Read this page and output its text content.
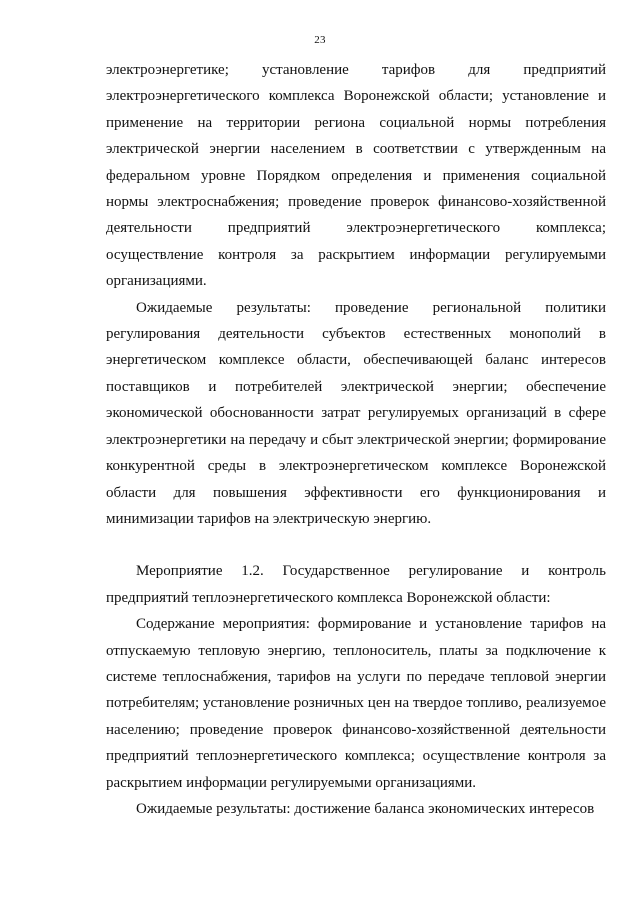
23

электроэнергетике; установление тарифов для предприятий электроэнергетического комплекса Воронежской области; установление и применение на территории региона социальной нормы потребления электрической энергии населением в соответствии с утвержденным на федеральном уровне Порядком определения и применения социальной нормы электроснабжения; проведение проверок финансово-хозяйственной деятельности предприятий электроэнергетического комплекса; осуществление контроля за раскрытием информации регулируемыми организациями.

Ожидаемые результаты: проведение региональной политики регулирования деятельности субъектов естественных монополий в энергетическом комплексе области, обеспечивающей баланс интересов поставщиков и потребителей электрической энергии; обеспечение экономической обоснованности затрат регулируемых организаций в сфере электроэнергетики на передачу и сбыт электрической энергии; формирование конкурентной среды в электроэнергетическом комплексе Воронежской области для повышения эффективности его функционирования и минимизации тарифов на электрическую энергию.

Мероприятие 1.2. Государственное регулирование и контроль предприятий теплоэнергетического комплекса Воронежской области:

Содержание мероприятия: формирование и установление тарифов на отпускаемую тепловую энергию, теплоноситель, платы за подключение к системе теплоснабжения, тарифов на услуги по передаче тепловой энергии потребителям; установление розничных цен на твердое топливо, реализуемое населению; проведение проверок финансово-хозяйственной деятельности предприятий теплоэнергетического комплекса; осуществление контроля за раскрытием информации регулируемыми организациями.

Ожидаемые результаты: достижение баланса экономических интересов
